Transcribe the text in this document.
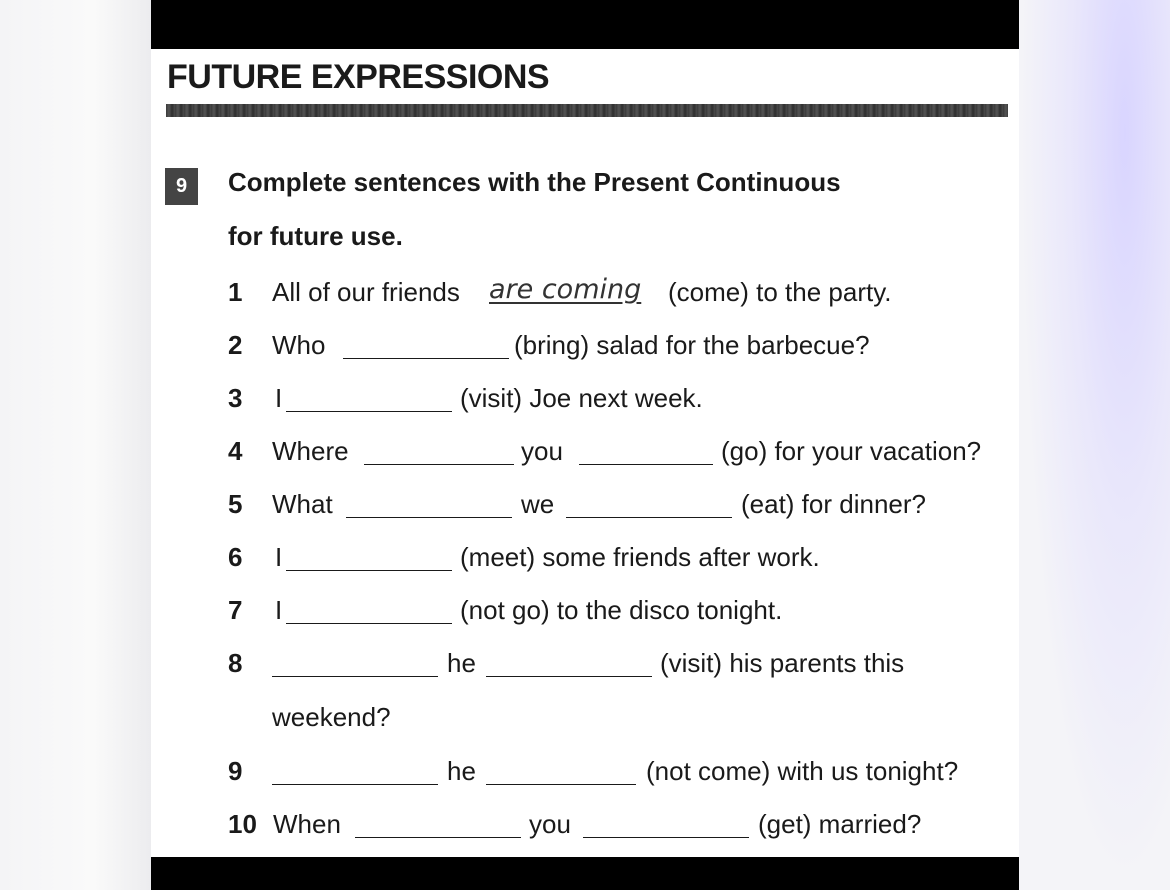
FUTURE EXPRESSIONS
9	Complete sentences with the Present Continuous

for future use.

1 All of our friends are coming (come) to the party.
2 Who	(bring) salad for the barbecue?
3 I	(visit) Joe next week.
4 Where	you	(go) for your vacation?
5 What	we	(eat) for dinner?
6 I	(meet) some friends after work.
7 I	(not go) to the disco tonight.
8	he	(visit) his parents this
weekend?
9	he	(not come) with us tonight?
10 When	you	(get) married?
